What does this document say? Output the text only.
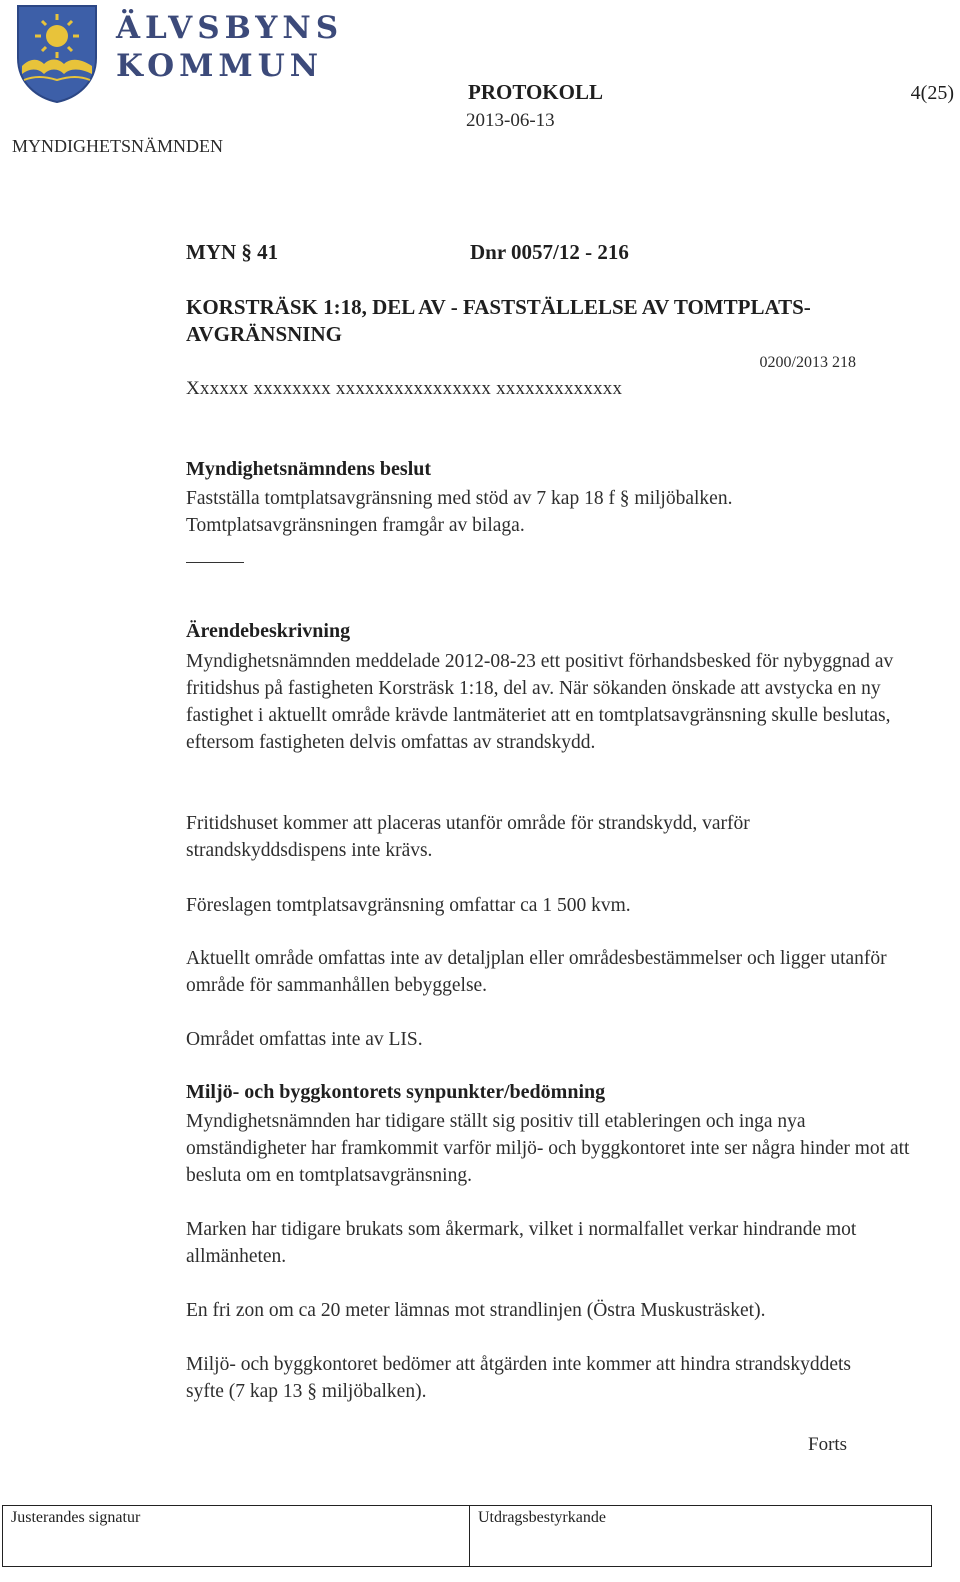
ÄLVSBYNS
KOMMUN
PROTOKOLL	4(25)
2013-06-13
MYNDIGHETSNÄMNDEN
MYN § 41	Dnr 0057/12 - 216
KORSTRÄSK 1:18, DEL AV - FASTSTÄLLELSE AV TOMTPLATS-AVGRÄNSNING
0200/2013 218
Xxxxxx xxxxxxxx xxxxxxxxxxxxxxxx xxxxxxxxxxxxx
Myndighetsnämndens beslut
Fastställa tomtplatsavgränsning med stöd av 7 kap 18 f § miljöbalken. Tomtplatsavgränsningen framgår av bilaga.
Ärendebeskrivning
Myndighetsnämnden meddelade 2012-08-23 ett positivt förhandsbesked för nybyggnad av fritidshus på fastigheten Korsträsk 1:18, del av. När sökanden önskade att avstycka en ny fastighet i aktuellt område krävde lantmäteriet att en tomtplatsavgränsning skulle beslutas, eftersom fastigheten delvis omfattas av strandskydd.
Fritidshuset kommer att placeras utanför område för strandskydd, varför strandskyddsdispens inte krävs.
Föreslagen tomtplatsavgränsning omfattar ca 1 500 kvm.
Aktuellt område omfattas inte av detaljplan eller områdesbestämmelser och ligger utanför område för sammanhållen bebyggelse.
Området omfattas inte av LIS.
Miljö- och byggkontorets synpunkter/bedömning
Myndighetsnämnden har tidigare ställt sig positiv till etableringen och inga nya omständigheter har framkommit varför miljö- och byggkontoret inte ser några hinder mot att besluta om en tomtplatsavgränsning.
Marken har tidigare brukats som åkermark, vilket i normalfallet verkar hindrande mot allmänheten.
En fri zon om ca 20 meter lämnas mot strandlinjen (Östra Muskusträsket).
Miljö- och byggkontoret bedömer att åtgärden inte kommer att hindra strandskyddets syfte (7 kap 13 § miljöbalken).
Forts
Justerandes signatur	Utdragsbestyrkande
